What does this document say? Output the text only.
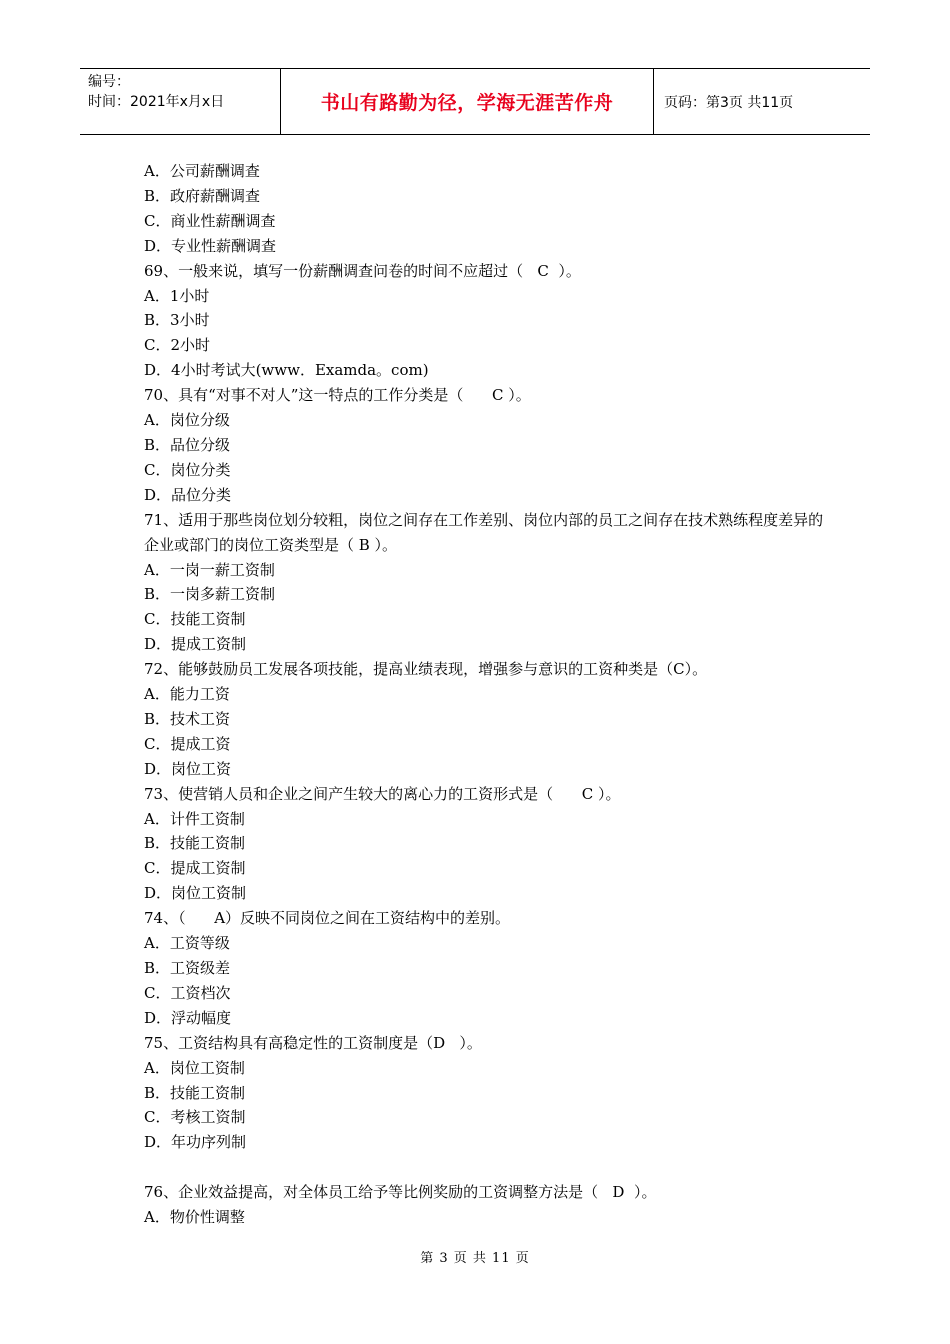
编号：
时间：2021年x月x日	书山有路勤为径，学海无涯苦作舟	页码：第3页 共11页
A．公司薪酬调查
B．政府薪酬调查
C．商业性薪酬调查
D．专业性薪酬调查
69、一般来说，填写一份薪酬调查问卷的时间不应超过（   C  ）。
A．1小时
B．3小时
C．2小时
D．4小时考试大(www．Examda。com)
70、具有“对事不对人”这一特点的工作分类是（      C ）。
A．岗位分级
B．品位分级
C．岗位分类
D．品位分类
71、适用于那些岗位划分较粗，岗位之间存在工作差别、岗位内部的员工之间存在技术熟练程度差异的企业或部门的岗位工资类型是（ B ）。
A．一岗一薪工资制
B．一岗多薪工资制
C．技能工资制
D．提成工资制
72、能够鼓励员工发展各项技能，提高业绩表现，增强参与意识的工资种类是（C）。
A．能力工资
B．技术工资
C．提成工资
D．岗位工资
73、使营销人员和企业之间产生较大的离心力的工资形式是（      C ）。
A．计件工资制
B．技能工资制
C．提成工资制
D．岗位工资制
74、（      A）反映不同岗位之间在工资结构中的差别。
A．工资等级
B．工资级差
C．工资档次
D．浮动幅度
75、工资结构具有高稳定性的工资制度是（D   ）。
A．岗位工资制
B．技能工资制
C．考核工资制
D．年功序列制
76、企业效益提高，对全体员工给予等比例奖励的工资调整方法是（   D  ）。
A．物价性调整
第 3 页 共 11 页
